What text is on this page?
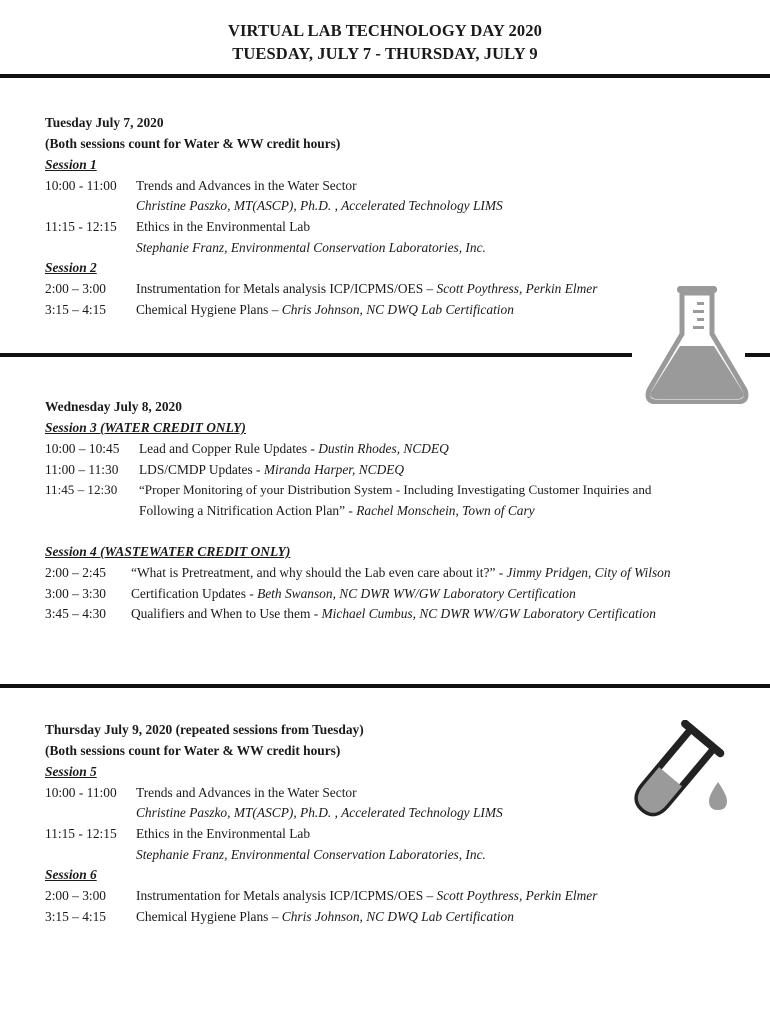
VIRTUAL LAB TECHNOLOGY DAY 2020
TUESDAY, JULY 7 - THURSDAY, JULY 9
Tuesday July 7, 2020
(Both sessions count for Water & WW credit hours)
Session 1
10:00 - 11:00 Trends and Advances in the Water Sector
Christine Paszko, MT(ASCP), Ph.D. , Accelerated Technology LIMS
11:15 - 12:15 Ethics in the Environmental Lab
Stephanie Franz, Environmental Conservation Laboratories, Inc.
Session 2
2:00 – 3:00 Instrumentation for Metals analysis ICP/ICPMS/OES – Scott Poythress, Perkin Elmer
3:15 – 4:15 Chemical Hygiene Plans – Chris Johnson, NC DWQ Lab Certification
Wednesday July 8, 2020
Session 3 (WATER CREDIT ONLY)
10:00 – 10:45 Lead and Copper Rule Updates - Dustin Rhodes, NCDEQ
11:00 – 11:30 LDS/CMDP Updates - Miranda Harper, NCDEQ
11:45 – 12:30 “Proper Monitoring of your Distribution System - Including Investigating Customer Inquiries and
Following a Nitrification Action Plan” - Rachel Monschein, Town of Cary
Session 4 (WASTEWATER CREDIT ONLY)
2:00 – 2:45 “What is Pretreatment, and why should the Lab even care about it?” - Jimmy Pridgen, City of Wilson
3:00 – 3:30 Certification Updates - Beth Swanson, NC DWR WW/GW Laboratory Certification
3:45 – 4:30 Qualifiers and When to Use them - Michael Cumbus, NC DWR WW/GW Laboratory Certification
Thursday July 9, 2020 (repeated sessions from Tuesday)
(Both sessions count for Water & WW credit hours)
Session 5
10:00 - 11:00 Trends and Advances in the Water Sector
Christine Paszko, MT(ASCP), Ph.D. , Accelerated Technology LIMS
11:15 - 12:15 Ethics in the Environmental Lab
Stephanie Franz, Environmental Conservation Laboratories, Inc.
Session 6
2:00 – 3:00 Instrumentation for Metals analysis ICP/ICPMS/OES – Scott Poythress, Perkin Elmer
3:15 – 4:15 Chemical Hygiene Plans – Chris Johnson, NC DWQ Lab Certification
